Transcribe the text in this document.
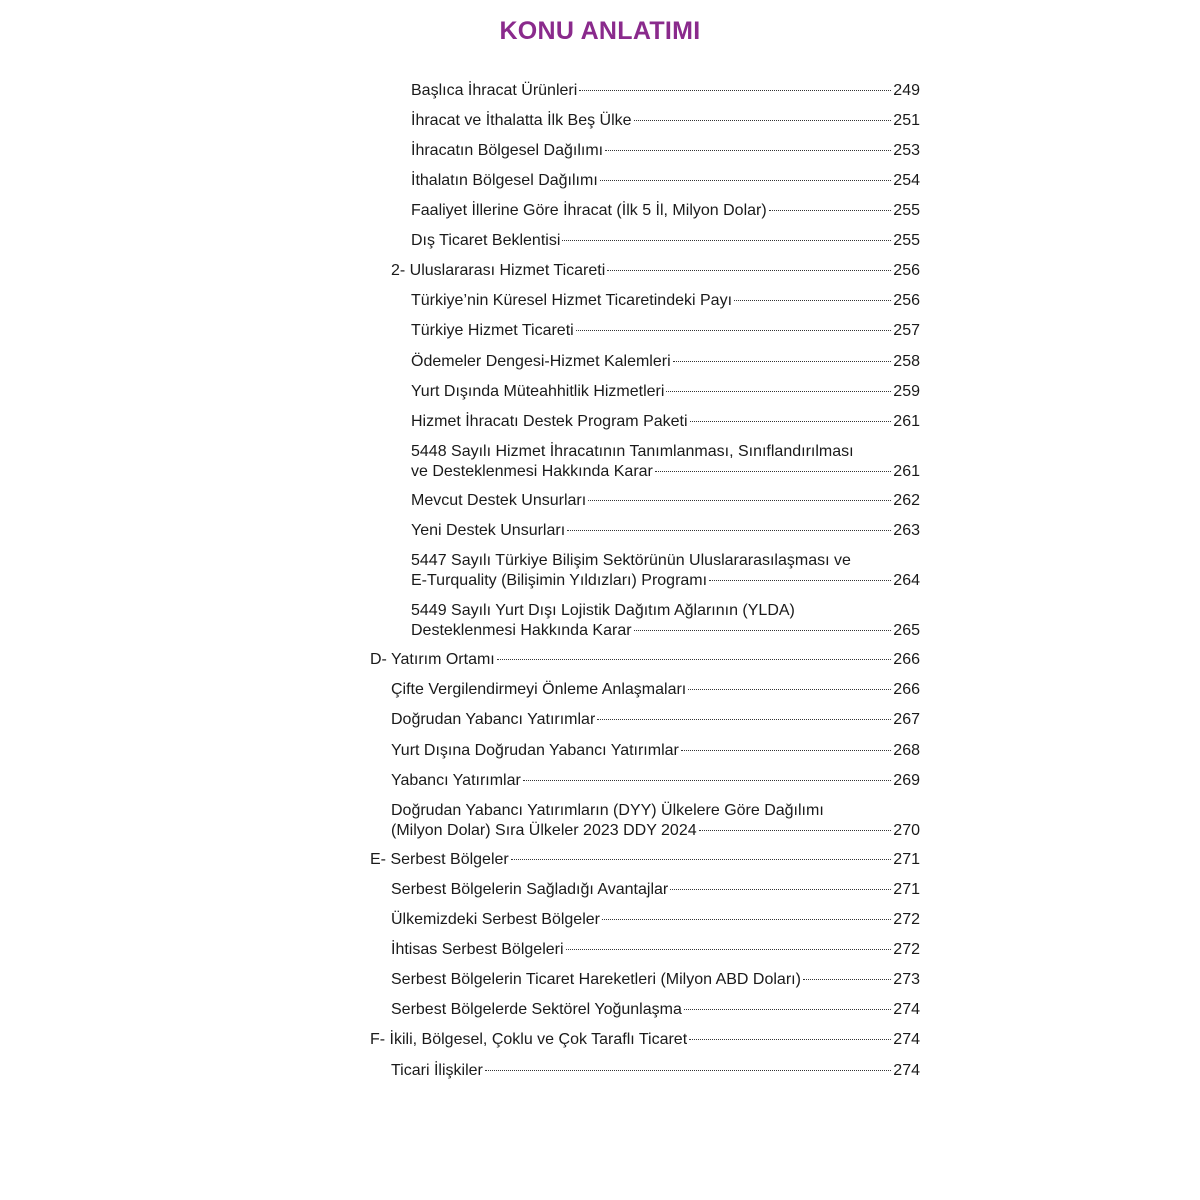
KONU ANLATIMI
Başlıca İhracat Ürünleri	249
İhracat ve İthalatta İlk Beş Ülke	251
İhracatın Bölgesel Dağılımı	253
İthalatın Bölgesel Dağılımı	254
Faaliyet İllerine Göre İhracat (İlk 5 İl, Milyon Dolar)	255
Dış Ticaret Beklentisi	255
2- Uluslararası Hizmet Ticareti	256
Türkiye’nin Küresel Hizmet Ticaretindeki Payı	256
Türkiye Hizmet Ticareti	257
Ödemeler Dengesi-Hizmet Kalemleri	258
Yurt Dışında Müteahhitlik Hizmetleri	259
Hizmet İhracatı Destek Program Paketi	261
5448 Sayılı Hizmet İhracatının Tanımlanması, Sınıflandırılması
ve Desteklenmesi Hakkında Karar	261
Mevcut Destek Unsurları	262
Yeni Destek Unsurları	263
5447 Sayılı Türkiye Bilişim Sektörünün Uluslararasılaşması ve
E-Turquality (Bilişimin Yıldızları) Programı	264
5449 Sayılı Yurt Dışı Lojistik Dağıtım Ağlarının (YLDA)
Desteklenmesi Hakkında Karar	265
D- Yatırım Ortamı	266
Çifte Vergilendirmeyi Önleme Anlaşmaları	266
Doğrudan Yabancı Yatırımlar	267
Yurt Dışına Doğrudan Yabancı Yatırımlar	268
Yabancı Yatırımlar	269
Doğrudan Yabancı Yatırımların (DYY) Ülkelere Göre Dağılımı
(Milyon Dolar) Sıra Ülkeler 2023 DDY 2024	270
E- Serbest Bölgeler	271
Serbest Bölgelerin Sağladığı Avantajlar	271
Ülkemizdeki Serbest Bölgeler	272
İhtisas Serbest Bölgeleri	272
Serbest Bölgelerin Ticaret Hareketleri (Milyon ABD Doları)	273
Serbest Bölgelerde Sektörel Yoğunlaşma	274
F- İkili, Bölgesel, Çoklu ve Çok Taraflı Ticaret	274
Ticari İlişkiler	274
